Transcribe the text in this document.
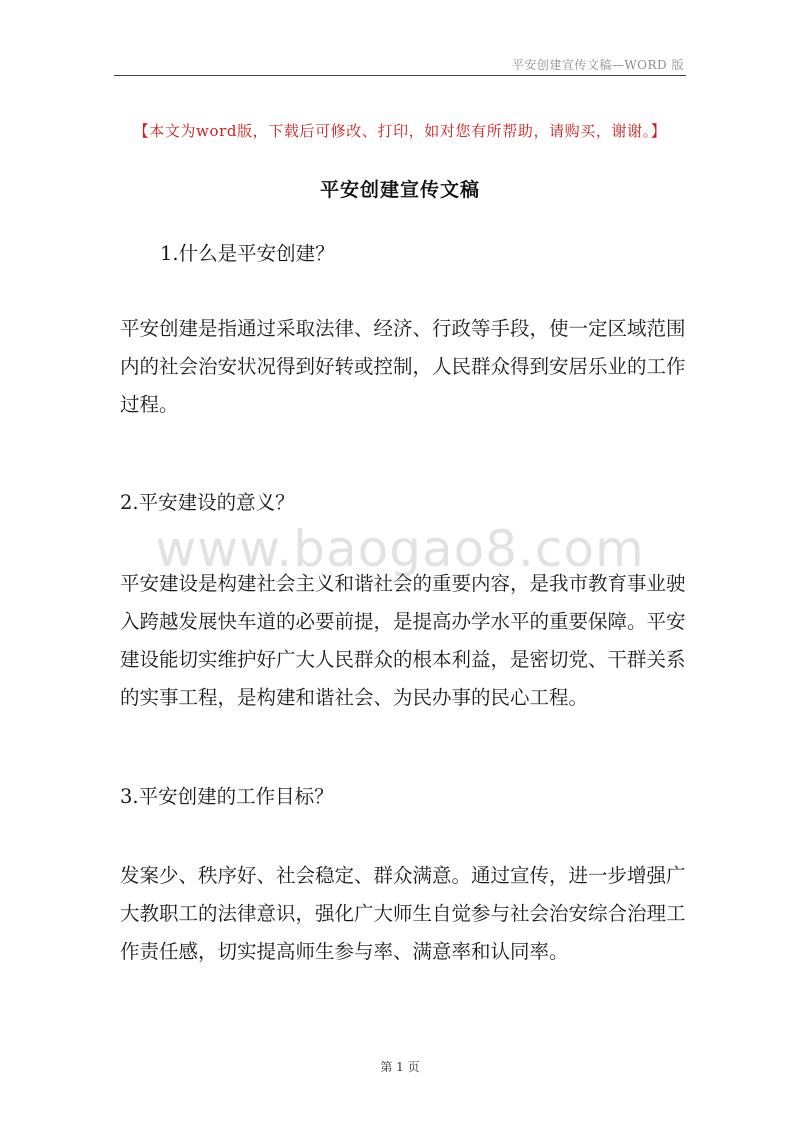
平安创建宣传文稿—WORD 版
【本文为word版，下载后可修改、打印，如对您有所帮助，请购买，谢谢。】
平安创建宣传文稿
1.什么是平安创建？
平安创建是指通过采取法律、经济、行政等手段，使一定区域范围内的社会治安状况得到好转或控制，人民群众得到安居乐业的工作过程。
2.平安建设的意义？
www.baogao8.com
平安建设是构建社会主义和谐社会的重要内容，是我市教育事业驶入跨越发展快车道的必要前提，是提高办学水平的重要保障。平安建设能切实维护好广大人民群众的根本利益，是密切党、干群关系的实事工程，是构建和谐社会、为民办事的民心工程。
3.平安创建的工作目标？
发案少、秩序好、社会稳定、群众满意。通过宣传，进一步增强广大教职工的法律意识，强化广大师生自觉参与社会治安综合治理工作责任感，切实提高师生参与率、满意率和认同率。
第 1 页
